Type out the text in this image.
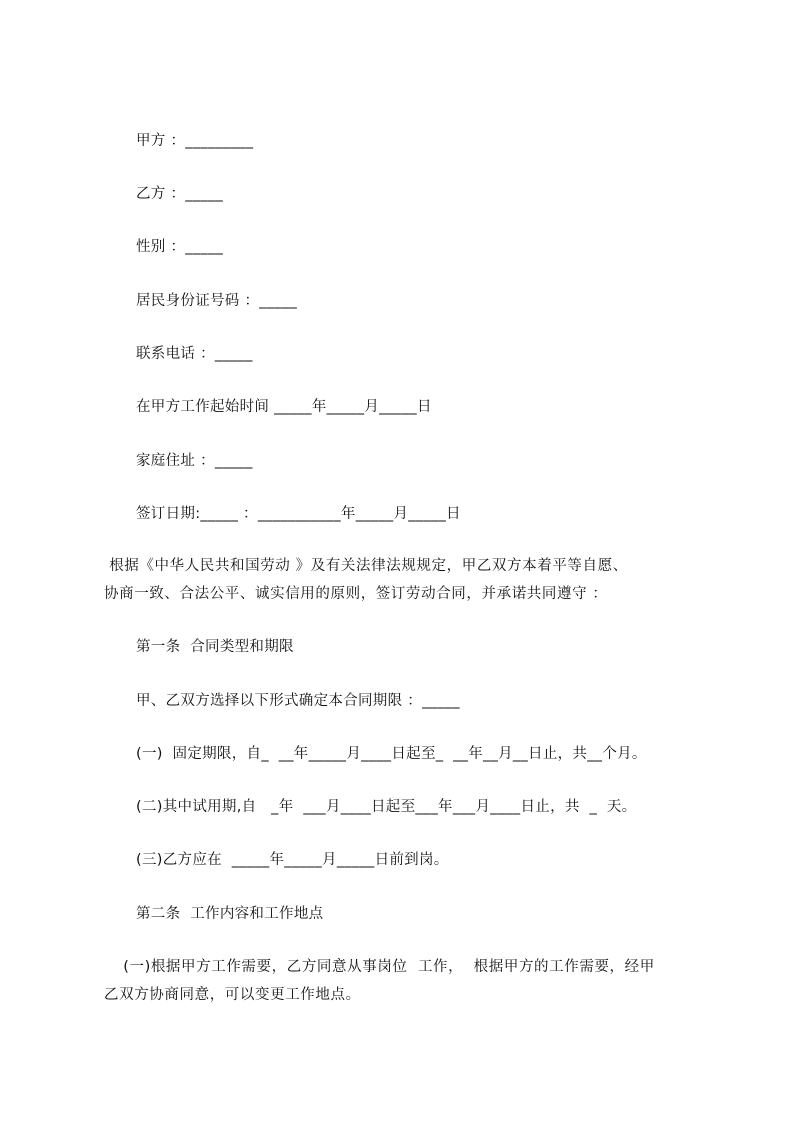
甲方 ：_________
乙方 ：_____
性别 ：_____
居民身份证号码 ：_____
联系电话 ：_____
在甲方工作起始时间 _____年_____月_____日
家庭住址 ：_____
签订日期:_____ ：___________年_____月_____日
根据《中华人民共和国劳动 》及有关法律法规规定，甲乙双方本着平等自愿、
协商一致、合法公平、诚实信用的原则，签订劳动合同，并承诺共同遵守 ：
第一条  合同类型和期限
甲、乙双方选择以下形式确定本合同期限 ：_____
(一)  固定期限，自_  __年_____月____日起至_  __年__月__日止，共__个月。
(二)其中试用期,自   _年  ___月____日起至___年___月____日止，共  _  天。
(三)乙方应在  _____年_____月_____日前到岗。
第二条  工作内容和工作地点
(一)根据甲方工作需要，乙方同意从事岗位  工作，  根据甲方的工作需要，经甲
乙双方协商同意，可以变更工作地点。
